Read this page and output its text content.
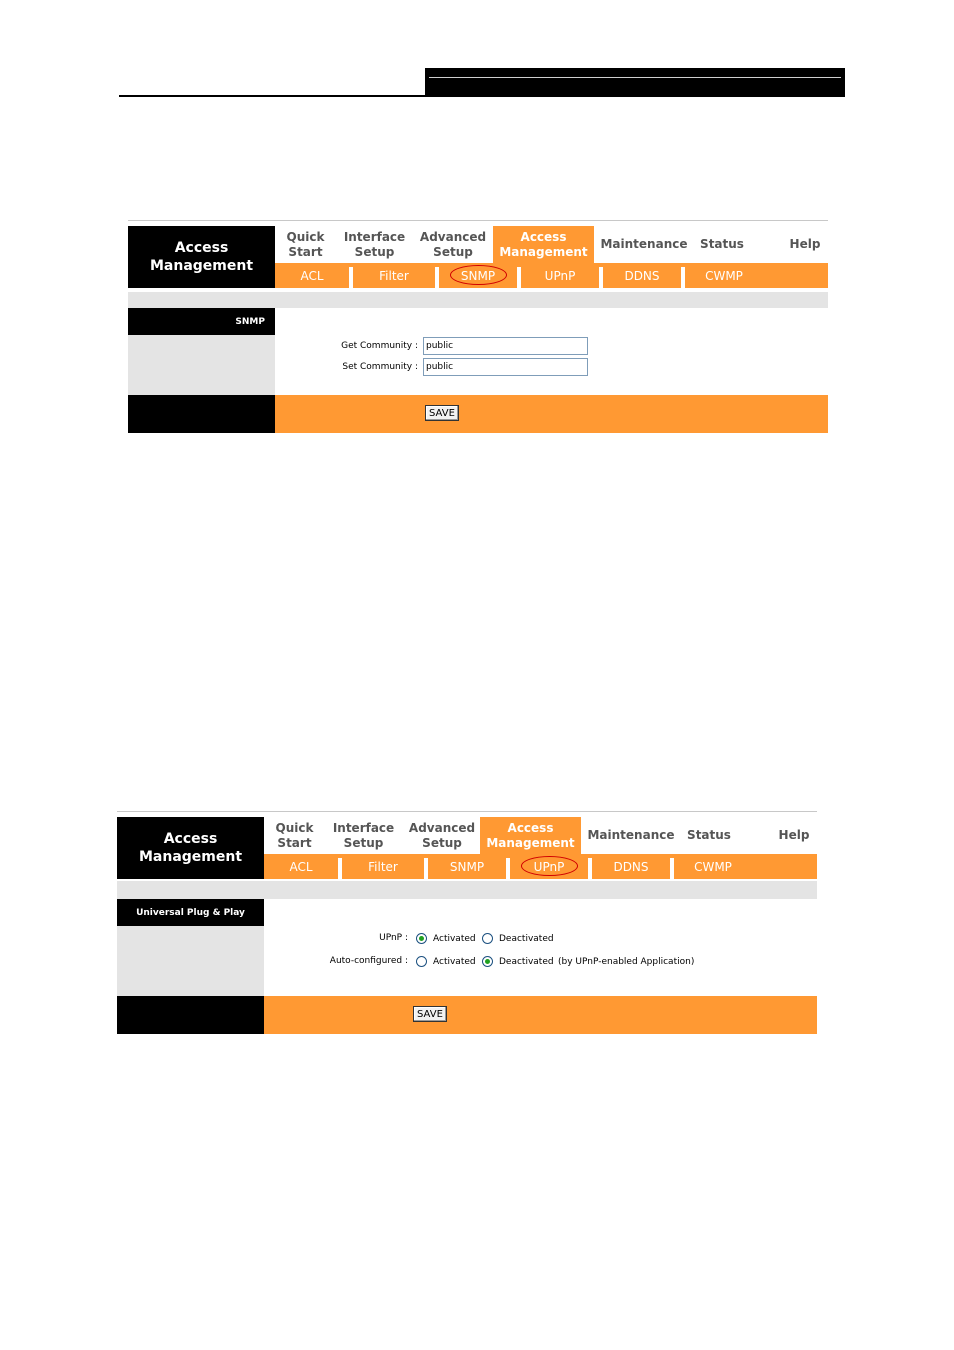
Access
Management
Quick
Start
Interface
Setup
Advanced
Setup
Access
Management
Maintenance	Status	Help
ACL	Filter	SNMP	UPnP	DDNS	CWMP
SNMP
Get Community : public
Set Community : public
SAVE
Access
Management
Quick
Start
Interface
Setup
Advanced
Setup
Access
Management
Maintenance	Status	Help
ACL	Filter	SNMP	UPnP	DDNS	CWMP
Universal Plug & Play
UPnP :	Activated	Deactivated
Auto-configured :	Activated	Deactivated (by UPnP-enabled Application)
SAVE
